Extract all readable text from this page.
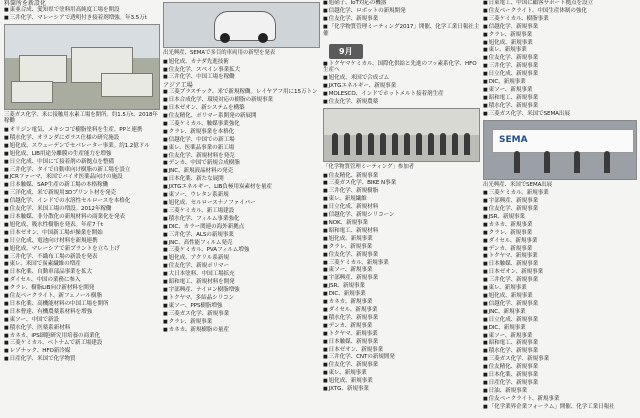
料箇所を新設化
■ 東亜合成、愛知県で塗料用高純度工場を開設
■ 三井化学、マレーシアで透明付き接着剤増強。年3.5万t
三菱ガス化学、米に接触用水素工場を開所。約1.5万t、2018年稼働
■ オリジン電気、メキシコで樹脂塗料を生産。PPと連携
■ 積水化学、オランダにガラス仕様の研究施設
■ 旭化成、スウェーデンでセパレーター事業。約1.2億ドル
■ 旭化成、LIB用途分離膜の生産能力を増強
■ 日立化成、中国にて接着剤の新拠点を整備
■ 三井化学、タイで自動車向け樹脂の新工場を設立
■ JCRファーマ、米国でバイオ医薬品向けの施設
■ 日本触媒、SAP生産の新工場の本格稼働
■ 三洋化成、米で新規用3Dプリント材を発売
■ 信越化学、インドでの水溶性セルロースを本格化
■ 住友化学、米国工場の増設。2012年稼働
■ 日本触媒、非分散化の新規材料の商業化を発表
■ 旭化成、吸水性樹脂を発表。年産7千t
■ 日本ゼオン、中国新工場が操業を開始
■ 日立化成、電池向け材料を新規連携
■ 旭化成、マレーシアで新プラントを立ち上げ
■ 三井化学、不織布工場の新設を発表
■ 東レ、米国で炭素繊維の増産
■ 日本化薬、自動車部品事業を拡大
■ ダイセル、中国の業務に参入
■ クラレ、樹脂LiB向け新材料を開発
■ 住友ベークライト、新フェノール樹脂
■ 日本化薬、高機能材料の中国工場を開所
■ 日本曹達、有機農薬系材料を増強
■ 東ソー、中国で新設
■ 積水化学、医薬系新材料
■ カネカ、iPS細胞研究用培養の商業化
■ 三菱ケミカル、ベトナムで新工場建設
■ レゾナック、HFO新冷媒
■ 日産化学、米国で化学物質
出光興産、SEMAで多目的車両用の新型を発表
■ 旭化成、カナダ先進技術
■ 住友化学、スペイン事業拡大
■ 三井化学、中国工場を稼働
アジア工場
■ 三菱プラスチック、米で新規稼働。レイヤアフ用に15万トン
■ 日本合成化学、環境対応の樹脂の新規事業
■ 日本ゼオン、新システムを構築
■ 住友精化、ポリマー系開発の新展開
■ 三菱ケミカル、触媒事業強化
■ クラレ、新規事業を本格化
■ 信越化学、中国での新工場
■ 東レ、医薬品事業の新工場
■ 住友化学、新規材料を発売
■ デンカ、中国で新規合成樹脂
■ JNC、新規液晶材料の発売
■ 日本化薬、新たな展開
■ JXTGエネルギー、LIB負極用炭素材を量産
■ 東ソー、ウレタン系新規
■ 旭化成、セルロースナノファイバー
■ 三菱ケミカル、新工場建設
■ 積水化学、フィルム事業強化
■ DIC、カラー関連の海外新拠点
■ 三井化学、ALSの新規事業
■ JNC、高性能フィルム発売
■ 三菱ケミカル、PVAフィルム増強
■ 旭化成、アクリル系新規
■ 住友化学、新規ポリマー
■ 大日本塗料、中国工場拡充
■ 昭和電工、新規材料を開発
■ 宇部興産、ナイロン樹脂増強
■ トクヤマ、多結晶シリコン
■ 東ソー、PPS樹脂増強
■ 三菱ガス化学、新規事業
■ クラレ、新規事業
■ カネカ、新規樹脂の量産
■ 旭硝子、IoT対応の機器
■ 信越化学、ロボットの新規開発
■ 住友化学、新規事業
■ 「化学物質管理ミーティング2017」開催、化学工業日報社主催
9月
■ トクヤマケミカル、国際化供給と先進のフッ素系化学、HFO生産へ
■ 旭化成、米国で合成ゴム
■ JXTGエネルギー、新規事業
■ MOLESCO、インドでホットメルト接着剤生産
■ 住友化学、新規農薬
「化学物質管理ミーティング」参加者
■ 住友精化、新規事業
■ 三菱ガス化学、BIKE N事業
■ 三井化学、新規樹脂
■ 東レ、新規繊維
■ 日立化成、新規材料
■ 信越化学、新規シリコーン
■ NOK、新規事業
■ 昭和電工、新規材料
■ 旭化成、新規事業
■ クラレ、新規事業
■ 住友化学、新規事業
■ 三菱ケミカル、新規事業
■ 東ソー、新規事業
■ 宇部興産、新規事業
■ JSR、新規事業
■ DIC、新規事業
■ カネカ、新規事業
■ ダイセル、新規事業
■ 積水化学、新規事業
■ デンカ、新規事業
■ トクヤマ、新規事業
■ 日本触媒、新規事業
■ 日本ゼオン、新規事業
■ 三井化学、CNTの新規開発
■ 住友化学、新規事業
■ 東レ、新規事業
■ 旭化成、新規事業
■ JXTG、新規事業
■ 日東電工、中国に顧客サポート拠点を設立
■ 住友ベークライト、中国生産体制の強化
■ 三菱ケミカル、樹脂事業
■ 信越化学、新規事業
■ クラレ、新規事業
■ 旭化成、新規事業
■ 東レ、新規事業
■ 住友化学、新規事業
■ 三井化学、新規事業
■ 日立化成、新規事業
■ DIC、新規事業
■ 東ソー、新規事業
■ 昭和電工、新規事業
■ 積水化学、新規事業
■ 三菱ガス化学、米国でSEMA出展
SEMA
出光興産、米国でSEMA出展
■ 三菱ケミカル、新規事業
■ 宇部興産、新規事業
■ 住友化学、新規事業
■ JSR、新規事業
■ カネカ、新規事業
■ クラレ、新規事業
■ ダイセル、新規事業
■ デンカ、新規事業
■ トクヤマ、新規事業
■ 日本触媒、新規事業
■ 日本ゼオン、新規事業
■ 三井化学、新規事業
■ 東レ、新規事業
■ 旭化成、新規事業
■ 信越化学、新規事業
■ JNC、新規事業
■ 日立化成、新規事業
■ DIC、新規事業
■ 東ソー、新規事業
■ 昭和電工、新規事業
■ 積水化学、新規事業
■ 三菱ガス化学、新規事業
■ 住友精化、新規事業
■ 日本化薬、新規事業
■ 日産化学、新規事業
■ 日油、新規事業
■ 住友ベークライト、新規事業
■ 「化学業界企業フォーラム」開催、化学工業日報社
